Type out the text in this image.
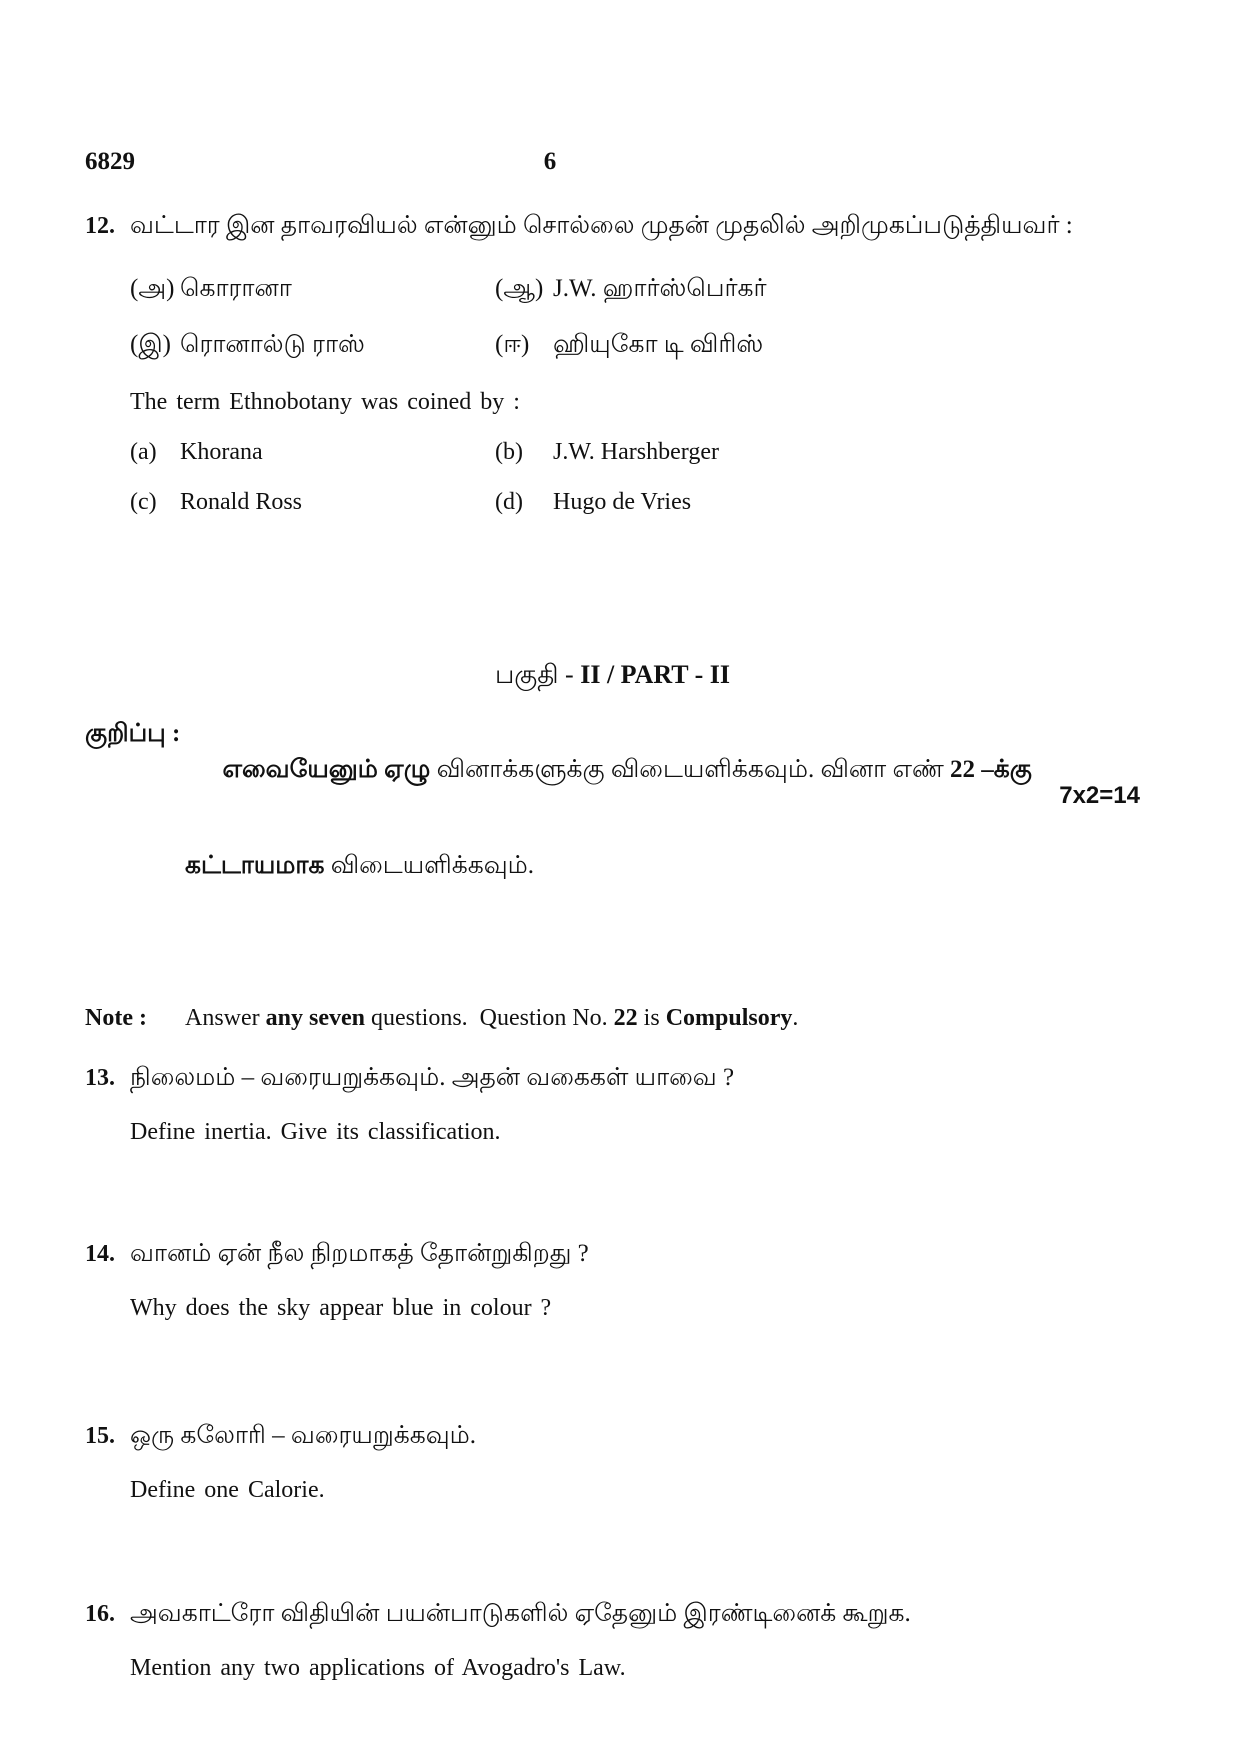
6829	6
12. வட்டார இன தாவரவியல் என்னும் சொல்லை முதன் முதலில் அறிமுகப்படுத்தியவர் :
(அ) கொரானா	(ஆ) J.W. ஹார்ஸ்பெர்கர்
(இ) ரொனால்டு ராஸ்	(ஈ) ஹியுகோ டி விரிஸ்
The term Ethnobotany was coined by :
(a) Khorana	(b)	J.W. Harshberger
(c) Ronald Ross	(d)	Hugo de Vries
பகுதி - II / PART - II
குறிப்பு :

எவையேனும் ஏழு வினாக்களுக்கு விடையளிக்கவும். வினா எண் 22 –க்கு

கட்டாயமாக விடையளிக்கவும்.

7x2=14
Note :	Answer any seven questions.  Question No. 22 is Compulsory.
13. நிலைமம் – வரையறுக்கவும். அதன் வகைகள் யாவை ?
Define inertia. Give its classification.
14. வானம் ஏன் நீல நிறமாகத் தோன்றுகிறது ?
Why does the sky appear blue in colour ?
15. ஒரு கலோரி – வரையறுக்கவும்.
Define one Calorie.
16. அவகாட்ரோ விதியின் பயன்பாடுகளில் ஏதேனும் இரண்டினைக் கூறுக.
Mention any two applications of Avogadro's Law.
